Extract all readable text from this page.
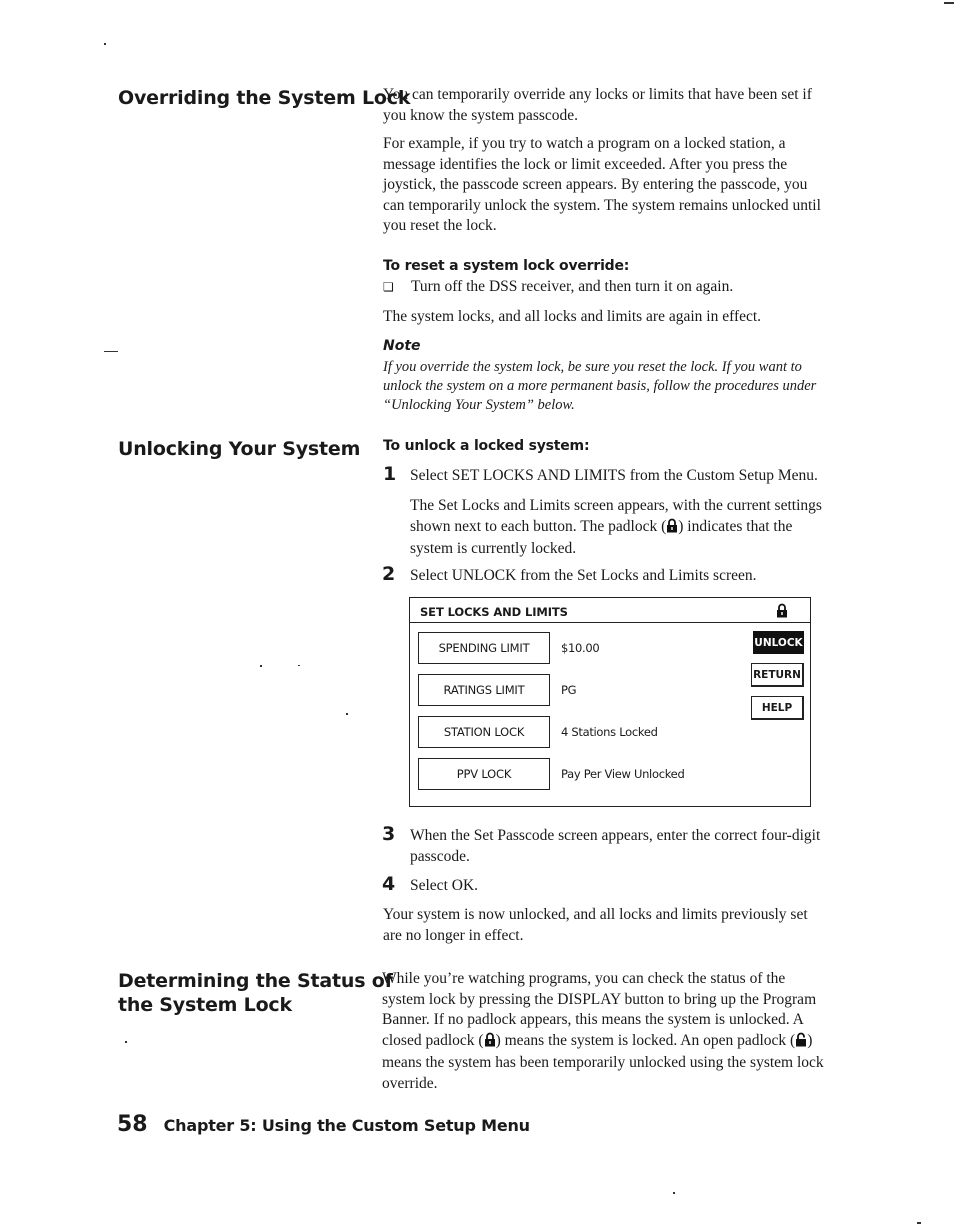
Overriding the System Lock
You can temporarily override any locks or limits that have been set if
you know the system passcode.
For example, if you try to watch a program on a locked station, a
message identifies the lock or limit exceeded. After you press the
joystick, the passcode screen appears. By entering the passcode, you
can temporarily unlock the system. The system remains unlocked until
you reset the lock.
To reset a system lock override:
❏ Turn off the DSS receiver, and then turn it on again.
The system locks, and all locks and limits are again in effect.
Note
If you override the system lock, be sure you reset the lock. If you want to
unlock the system on a more permanent basis, follow the procedures under
“Unlocking Your System” below.
Unlocking Your System To unlock a locked system:
1 Select SET LOCKS AND LIMITS from the Custom Setup Menu.
The Set Locks and Limits screen appears, with the current settings
shown next to each button. The padlock ( ) indicates that the
system is currently locked.
2 Select UNLOCK from the Set Locks and Limits screen.
SET LOCKS AND LIMITS
SPENDING LIMIT	$10.00
RATINGS LIMIT	PG
STATION LOCK	4 Stations Locked
PPV LOCK	Pay Per View Unlocked
UNLOCK
RETURN
HELP
3 When the Set Passcode screen appears, enter the correct four-digit
passcode.
4 Select OK.
Your system is now unlocked, and all locks and limits previously set
are no longer in effect.
Determining the Status of
the System Lock
While you’re watching programs, you can check the status of the
system lock by pressing the DISPLAY button to bring up the Program
Banner. If no padlock appears, this means the system is unlocked. A
closed padlock ( ) means the system is locked. An open padlock ( )
means the system has been temporarily unlocked using the system lock
override.
58 Chapter 5: Using the Custom Setup Menu
